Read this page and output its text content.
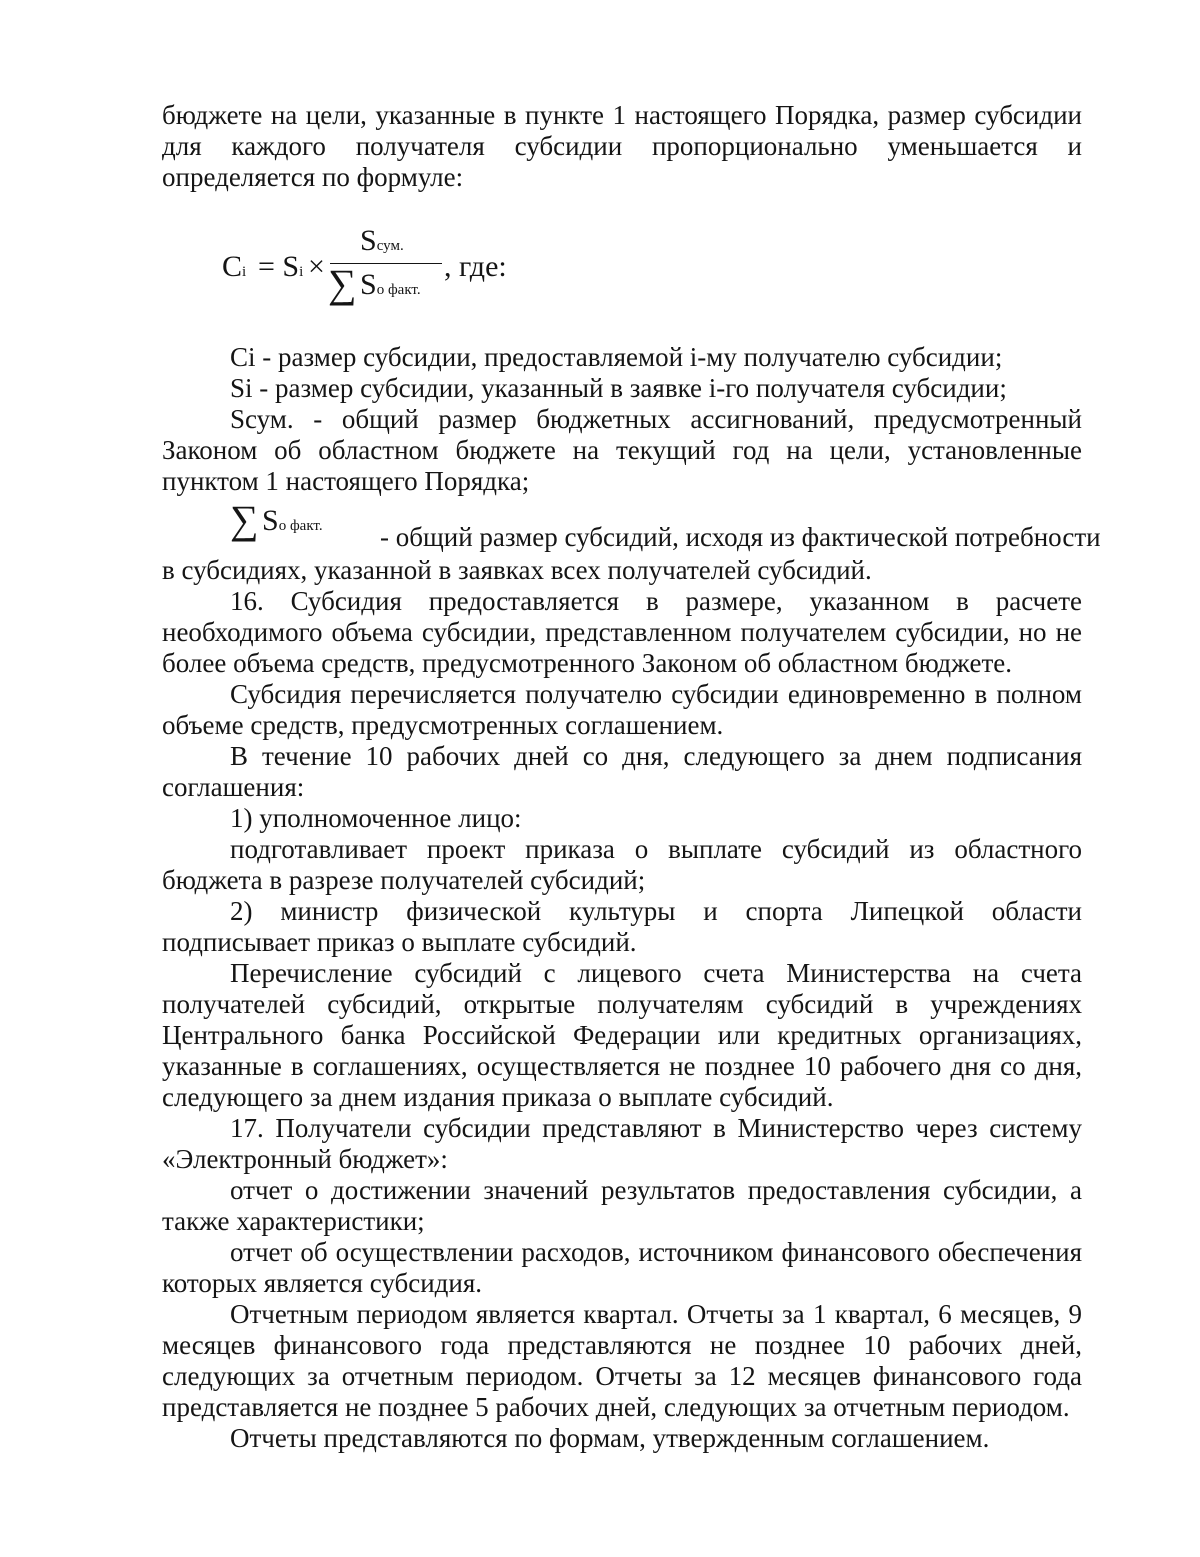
бюджете на цели, указанные в пункте 1 настоящего Порядка, размер субсидии для каждого получателя субсидии пропорционально уменьшается и определяется по формуле:

Ci = Si ×
Sсум.
∑ Sо факт.
, где:

Ci - размер субсидии, предоставляемой i-му получателю субсидии;

Si - размер субсидии, указанный в заявке i-го получателя субсидии;

Sсум. - общий размер бюджетных ассигнований, предусмотренный Законом об областном бюджете на текущий год на цели, установленные пунктом 1 настоящего Порядка;

∑ Sо факт. - общий размер субсидий, исходя из фактической потребности

в субсидиях, указанной в заявках всех получателей субсидий.

16. Субсидия предоставляется в размере, указанном в расчете необходимого объема субсидии, представленном получателем субсидии, но не более объема средств, предусмотренного Законом об областном бюджете.

Субсидия перечисляется получателю субсидии единовременно в полном объеме средств, предусмотренных соглашением.

В течение 10 рабочих дней со дня, следующего за днем подписания соглашения:

1) уполномоченное лицо:

подготавливает проект приказа о выплате субсидий из областного бюджета в разрезе получателей субсидий;

2) министр физической культуры и спорта Липецкой области подписывает приказ о выплате субсидий.

Перечисление субсидий с лицевого счета Министерства на счета получателей субсидий, открытые получателям субсидий в учреждениях Центрального банка Российской Федерации или кредитных организациях, указанные в соглашениях, осуществляется не позднее 10 рабочего дня со дня, следующего за днем издания приказа о выплате субсидий.

17. Получатели субсидии представляют в Министерство через систему «Электронный бюджет»:

отчет о достижении значений результатов предоставления субсидии, а также характеристики;

отчет об осуществлении расходов, источником финансового обеспечения которых является субсидия.

Отчетным периодом является квартал. Отчеты за 1 квартал, 6 месяцев, 9 месяцев финансового года представляются не позднее 10 рабочих дней, следующих за отчетным периодом. Отчеты за 12 месяцев финансового года представляется не позднее 5 рабочих дней, следующих за отчетным периодом.

Отчеты представляются по формам, утвержденным соглашением.
